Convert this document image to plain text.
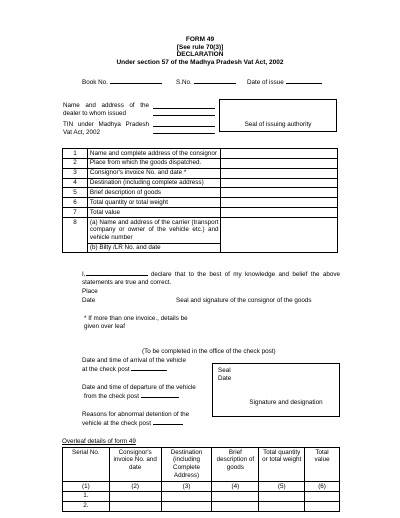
FORM 49
[See rule 70(3)]
DECLARATION
Under section 57 of the Madhya Pradesh Vat Act, 2002
Book No.	S.No.	Date of issue
Name and address of the
dealer to whom issued
TIN under Madhya Pradesh
Vat Act, 2002
Seal of issuing authority
1	Name and complete address of the consignor	
2	Place from which the goods dispatched.	
3	Consignor's invoice No. and date *	
4	Destination (including complete address)	
5	Brief description of goods	
6	Total quantity or total weight	
7	Total value	
8	(a) Name and address of the carrier (transport company or owner of the vehicle etc.) and vehicle number	
	(b) Bilty /LR No. and date	
I,	declare that to the best of my knowledge and belief the above statements are true and correct.
Place
Date	Seal and signature of the consignor of the goods
* If more than one invoice., details be
given over leaf
(To be completed in the office of the check post)
Date and time of arrival of the vehicle
at the check post
Date and time of departure of the vehicle
from the check post
Reasons for abnormal detention of the
vehicle at the check post
Seal
Date
Signature and designation
Overleaf details of form 49
Serial No.	Consignor's invoice No. and date	Destination (including Complete Address)	Brief description of goods	Total quantity or total weight	Total value
(1)	(2)	(3)	(4)	(5)	(6)
1.					
2.					
